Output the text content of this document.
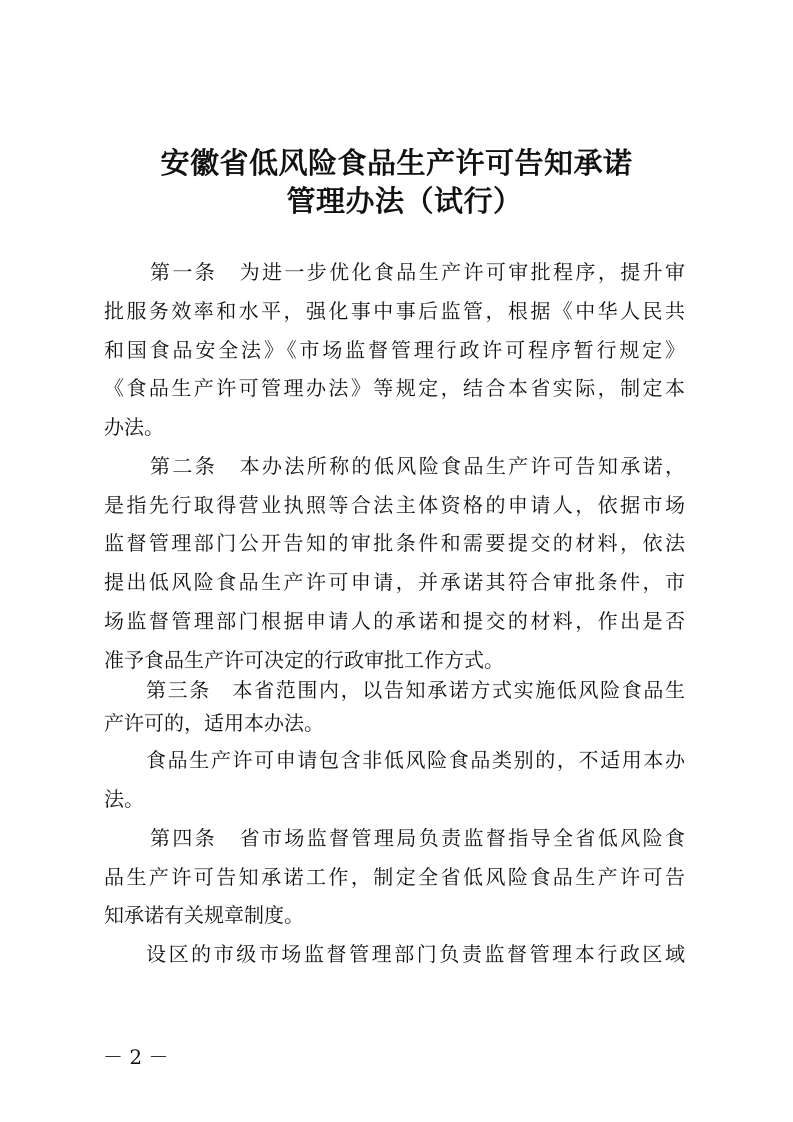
安徽省低风险食品生产许可告知承诺
管理办法（试行）
第一条　为进一步优化食品生产许可审批程序，提升审
批服务效率和水平，强化事中事后监管，根据《中华人民共
和国食品安全法》《市场监督管理行政许可程序暂行规定》
《食品生产许可管理办法》等规定，结合本省实际，制定本
办法。
第二条　本办法所称的低风险食品生产许可告知承诺，
是指先行取得营业执照等合法主体资格的申请人，依据市场
监督管理部门公开告知的审批条件和需要提交的材料，依法
提出低风险食品生产许可申请，并承诺其符合审批条件，市
场监督管理部门根据申请人的承诺和提交的材料，作出是否
准予食品生产许可决定的行政审批工作方式。
第三条　本省范围内，以告知承诺方式实施低风险食品生
产许可的，适用本办法。
食品生产许可申请包含非低风险食品类别的，不适用本办
法。
第四条　省市场监督管理局负责监督指导全省低风险食
品生产许可告知承诺工作，制定全省低风险食品生产许可告
知承诺有关规章制度。
设区的市级市场监督管理部门负责监督管理本行政区域
－ 2 －
